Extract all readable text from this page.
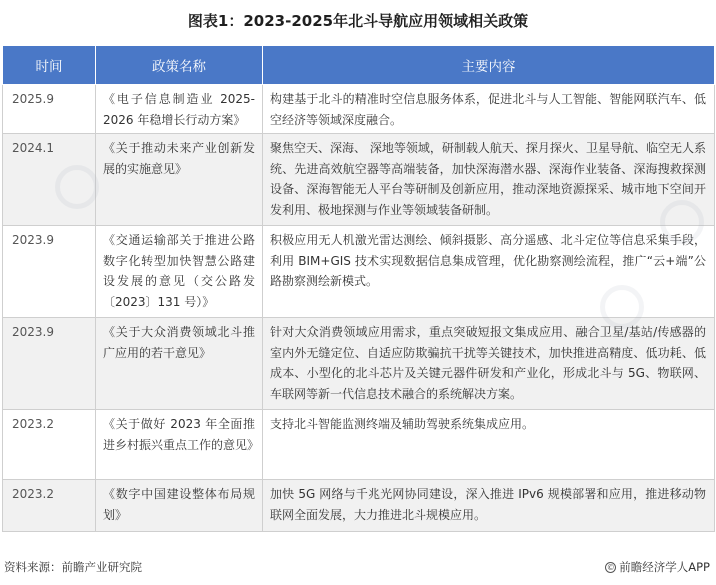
图表1：2023-2025年北斗导航应用领域相关政策
时间	政策名称	主要内容
2025.9	《电子信息制造业 2025-2026 年稳增长行动方案》	构建基于北斗的精准时空信息服务体系，促进北斗与人工智能、智能网联汽车、低空经济等领域深度融合。
2024.1	《关于推动未来产业创新发展的实施意见》	聚焦空天、深海、 深地等领域，研制载人航天、探月探火、卫星导航、临空无人系统、先进高效航空器等高端装备，加快深海潜水器、深海作业装备、深海搜救探测设备、深海智能无人平台等研制及创新应用，推动深地资源探采、城市地下空间开发利用、极地探测与作业等领域装备研制。
2023.9	《交通运输部关于推进公路数字化转型加快智慧公路建设发展的意见（交公路发〔2023〕131 号）》	积极应用无人机激光雷达测绘、倾斜摄影、高分遥感、北斗定位等信息采集手段，利用 BIM+GIS 技术实现数据信息集成管理，优化勘察测绘流程，推广“云+端”公路勘察测绘新模式。
2023.9	《关于大众消费领域北斗推广应用的若干意见》	针对大众消费领域应用需求，重点突破短报文集成应用、融合卫星/基站/传感器的室内外无缝定位、自适应防欺骗抗干扰等关键技术，加快推进高精度、低功耗、低成本、小型化的北斗芯片及关键元器件研发和产业化，形成北斗与 5G、物联网、车联网等新一代信息技术融合的系统解决方案。
2023.2	《关于做好 2023 年全面推进乡村振兴重点工作的意见》	支持北斗智能监测终端及辅助驾驶系统集成应用。
2023.2	《数字中国建设整体布局规划》	加快 5G 网络与千兆光网协同建设，深入推进 IPv6 规模部署和应用，推进移动物联网全面发展，大力推进北斗规模应用。
资料来源：前瞻产业研究院	© 前瞻经济学人APP
